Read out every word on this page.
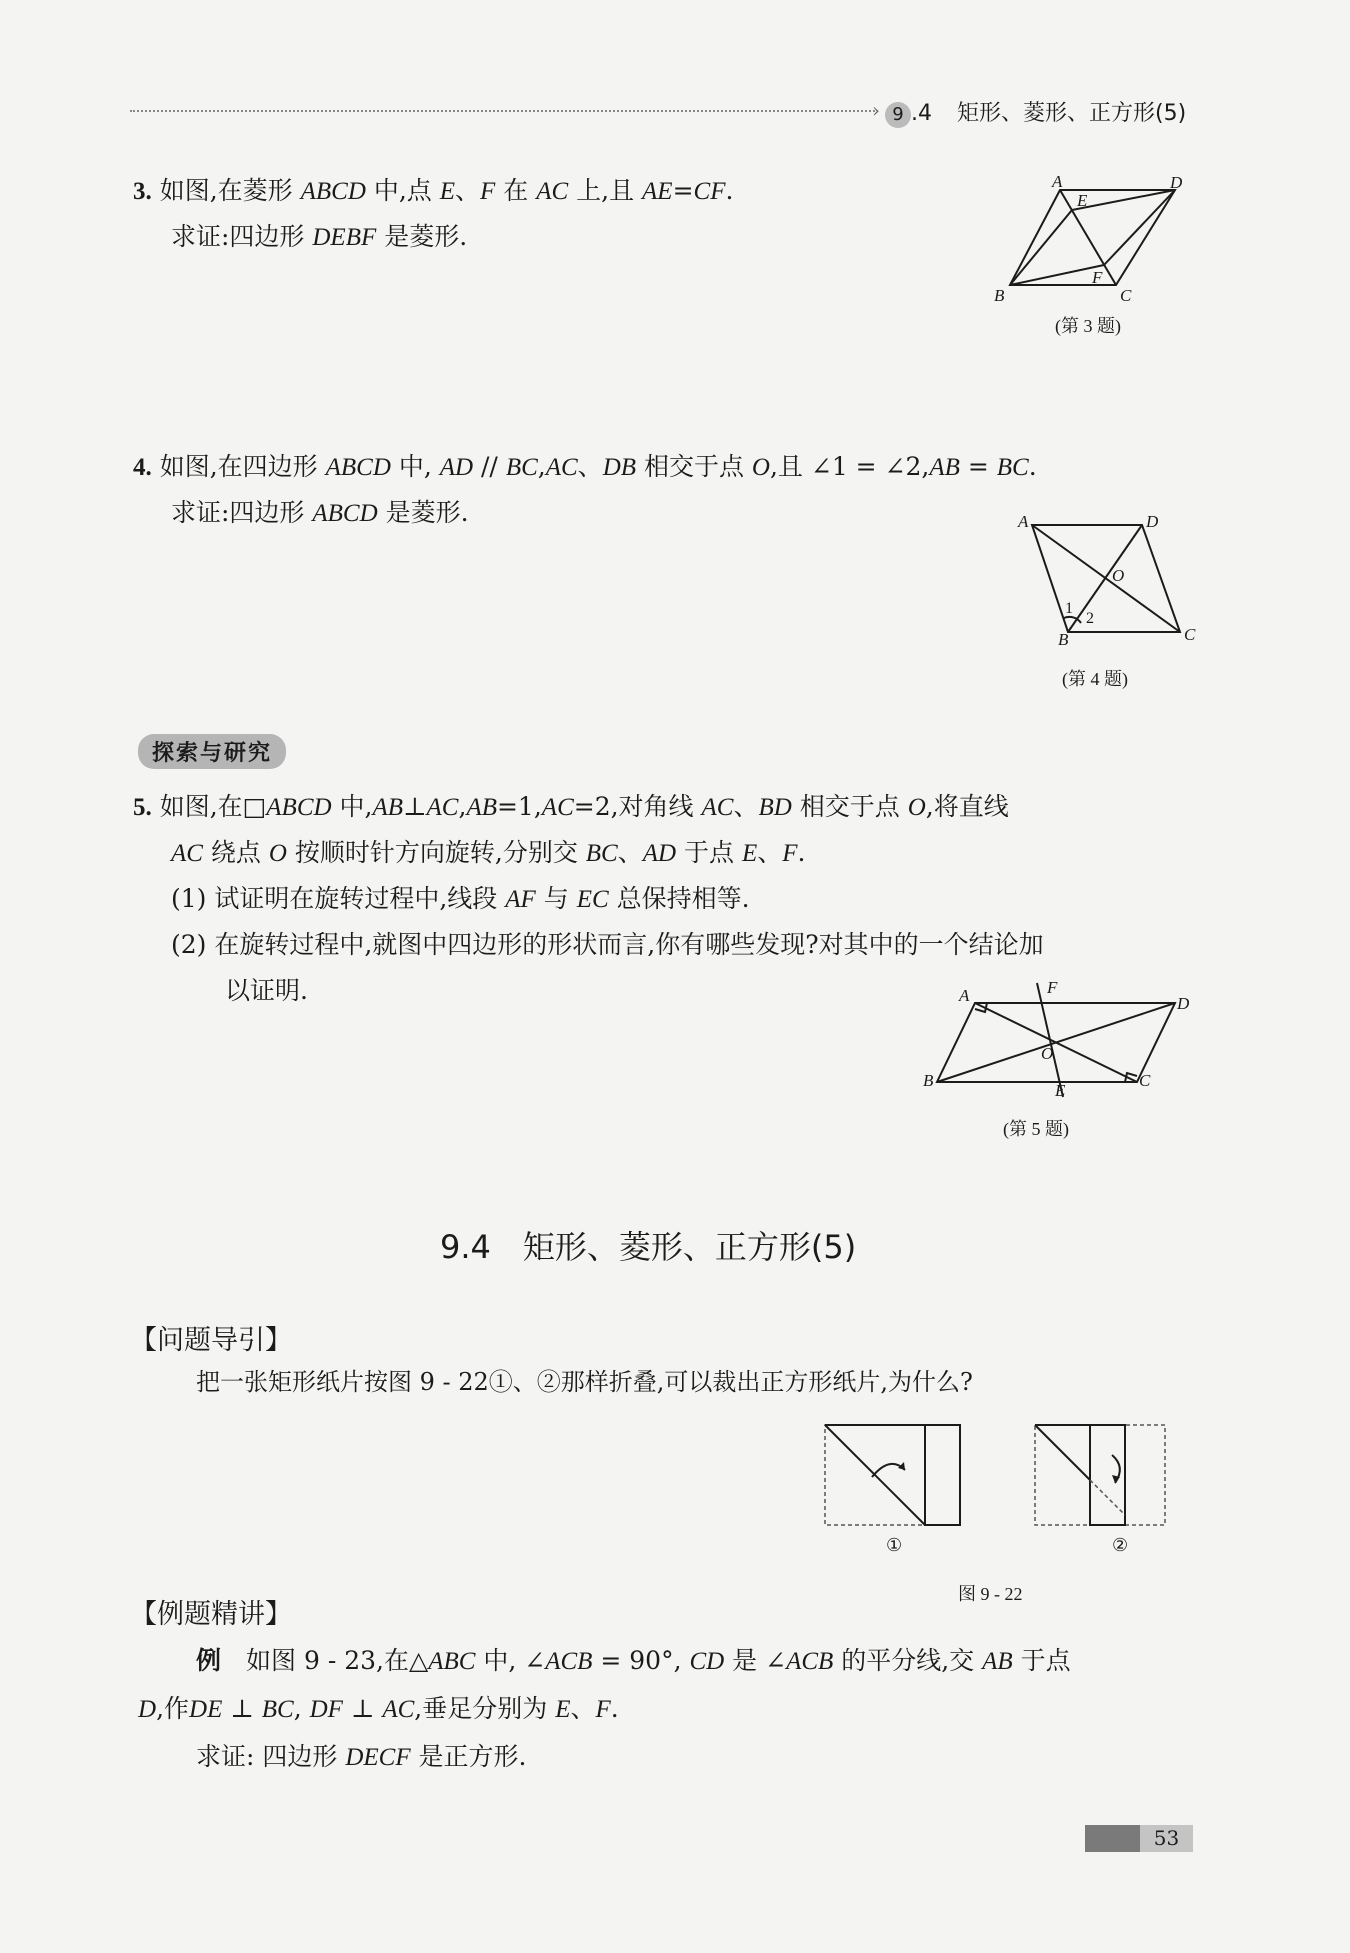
› 9 .4 矩形、菱形、正方形(5)
3. 如图,在菱形 ABCD 中,点 E、F 在 AC 上,且 AE=CF.
求证:四边形 DEBF 是菱形.
A	D
E
F
B	C
(第 3 题)
4. 如图,在四边形 ABCD 中, AD // BC,AC、DB 相交于点 O,且 ∠1 = ∠2,AB = BC.
求证:四边形 ABCD 是菱形.	A	D
O
B	C
1
2
(第 4 题)
探索与研究
5. 如图,在□ABCD 中,AB⊥AC,AB=1,AC=2,对角线 AC、BD 相交于点 O,将直线
AC 绕点 O 按顺时针方向旋转,分别交 BC、AD 于点 E、F.
(1) 试证明在旋转过程中,线段 AF 与 EC 总保持相等.
(2) 在旋转过程中,就图中四边形的形状而言,你有哪些发现?对其中的一个结论加
以证明.	A	F
D
O
B
E
C
(第 5 题)
9.4　矩形、菱形、正方形(5)
【问题导引】
把一张矩形纸片按图 9 - 22①、②那样折叠,可以裁出正方形纸片,为什么?
①	②
图 9 - 22
【例题精讲】
例　如图 9 - 23,在△ABC 中, ∠ACB = 90°, CD 是 ∠ACB 的平分线,交 AB 于点
D,作DE ⊥ BC, DF ⊥ AC,垂足分别为 E、F.
求证: 四边形 DECF 是正方形.
53
